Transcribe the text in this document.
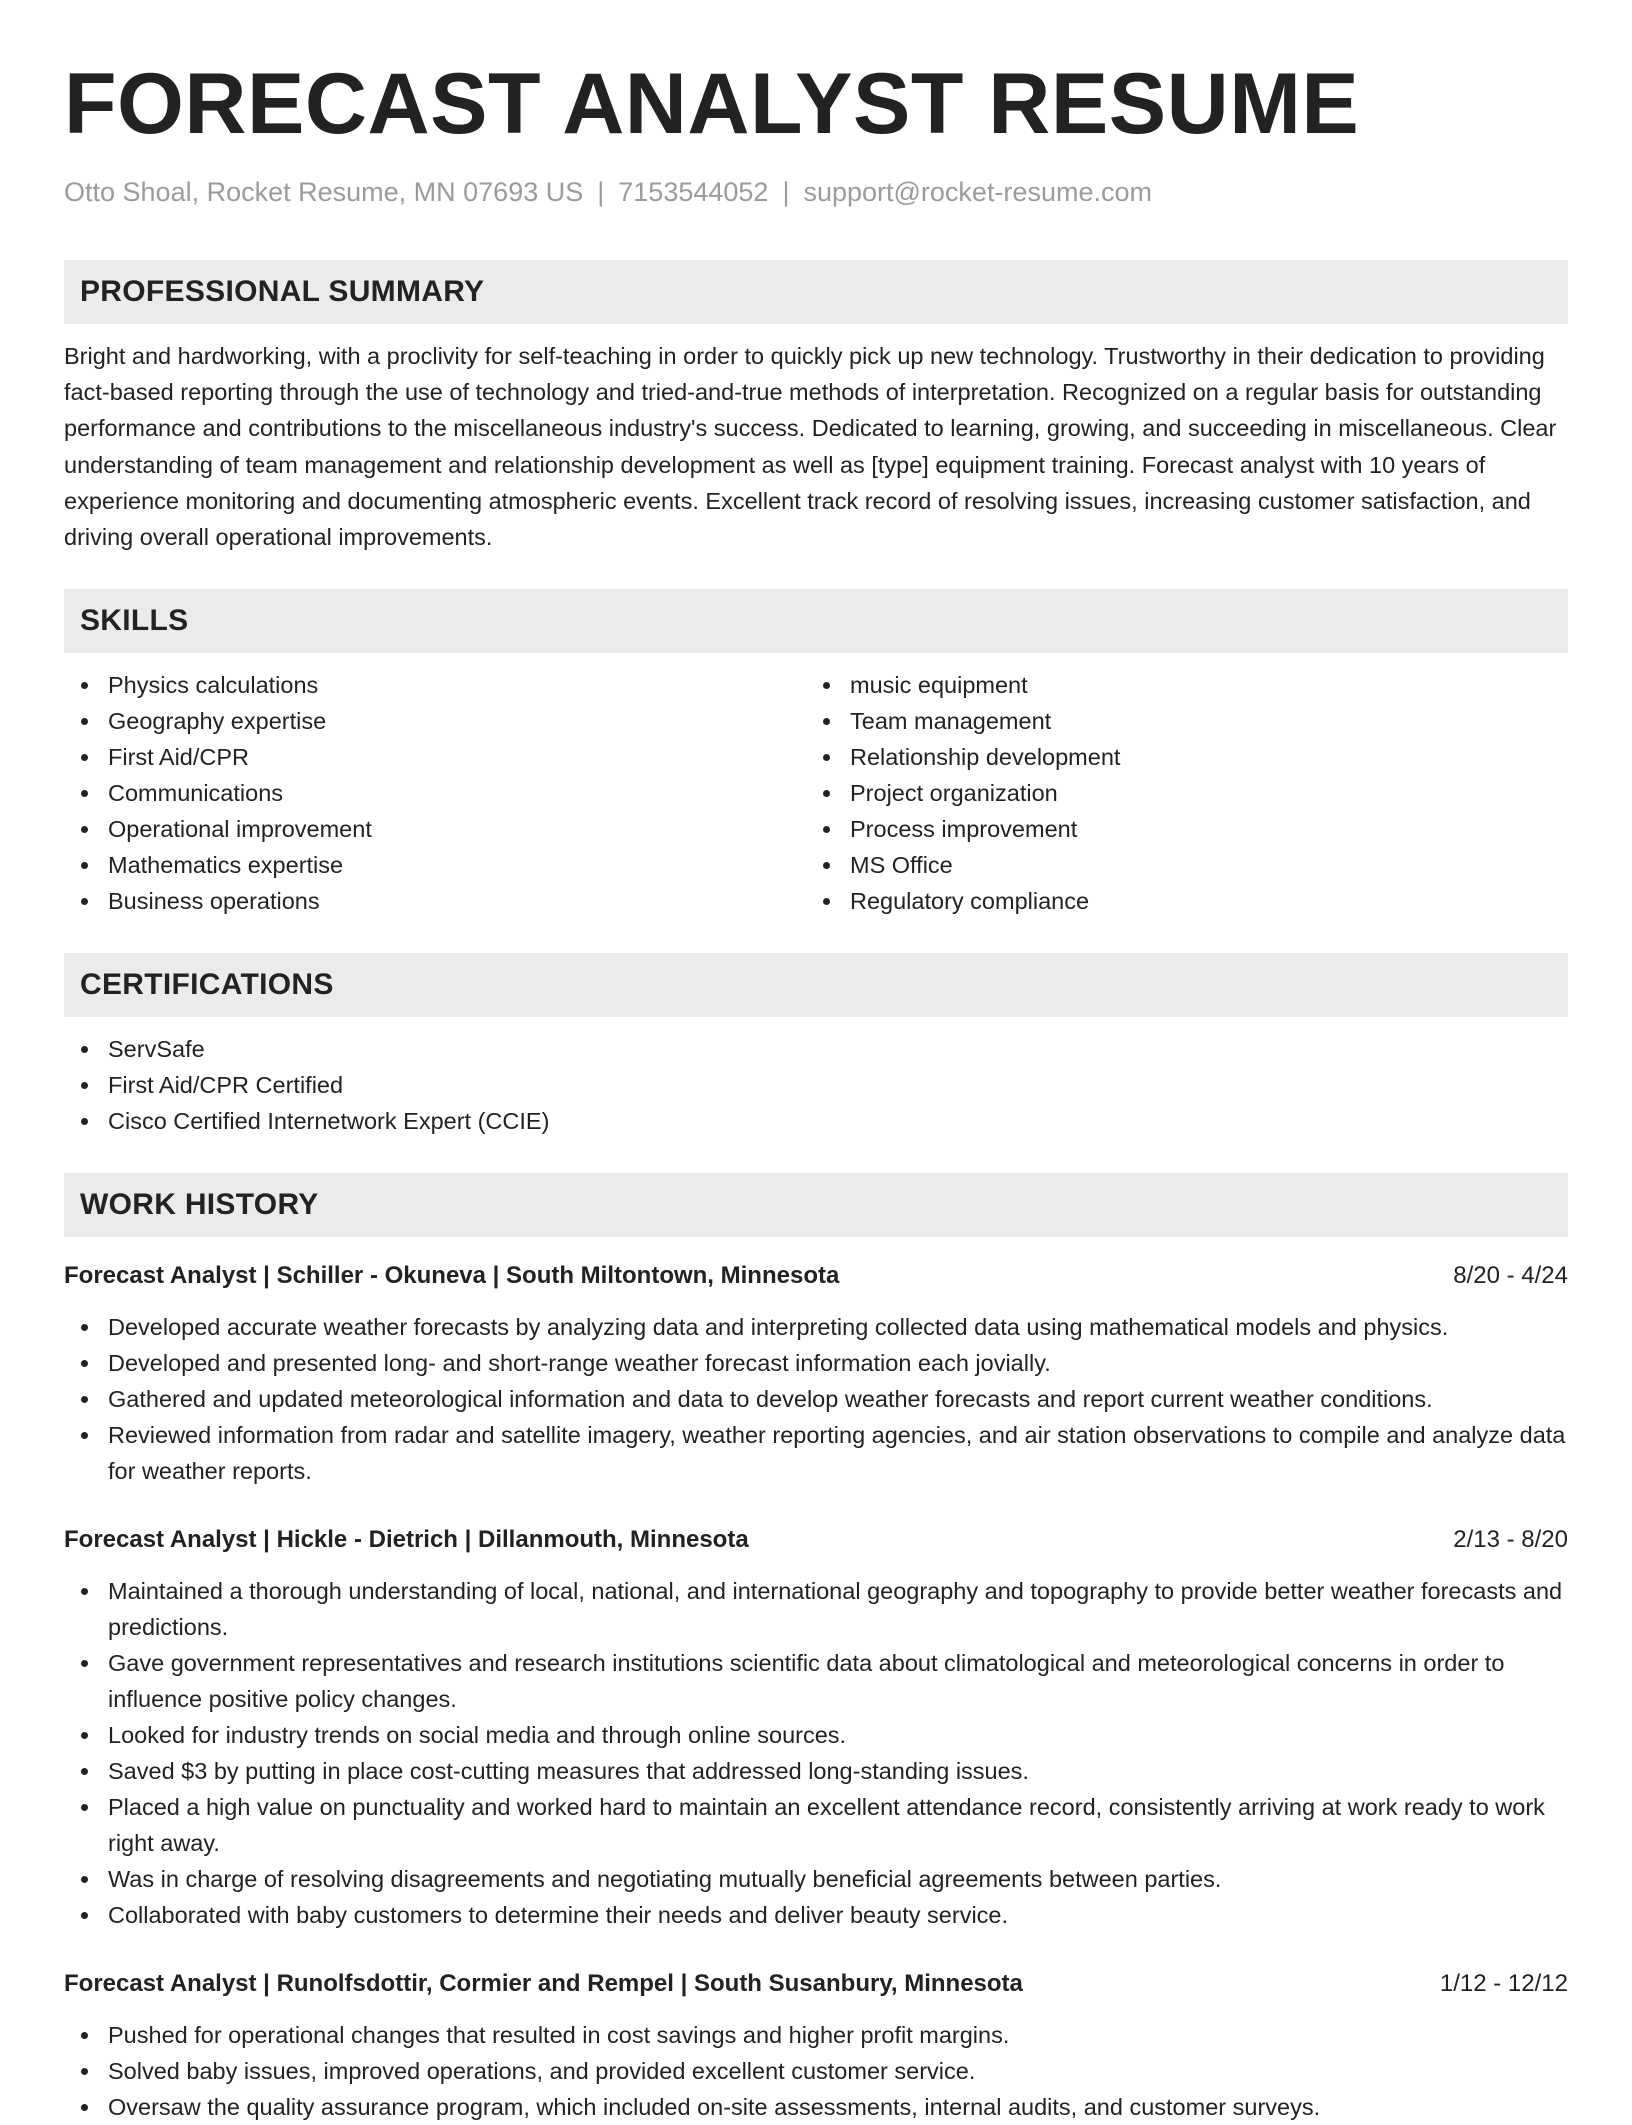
FORECAST ANALYST RESUME
Otto Shoal, Rocket Resume, MN 07693 US | 7153544052 | support@rocket-resume.com
PROFESSIONAL SUMMARY

Bright and hardworking, with a proclivity for self-teaching in order to quickly pick up new technology. Trustworthy in their dedication to providing fact-based reporting through the use of technology and tried-and-true methods of interpretation. Recognized on a regular basis for outstanding performance and contributions to the miscellaneous industry's success. Dedicated to learning, growing, and succeeding in miscellaneous. Clear understanding of team management and relationship development as well as [type] equipment training. Forecast analyst with 10 years of experience monitoring and documenting atmospheric events. Excellent track record of resolving issues, increasing customer satisfaction, and driving overall operational improvements.

SKILLS
Physics calculations
Geography expertise
First Aid/CPR
Communications
Operational improvement
Mathematics expertise
Business operations
music equipment
Team management
Relationship development
Project organization
Process improvement
MS Office
Regulatory compliance
CERTIFICATIONS
ServSafe
First Aid/CPR Certified
Cisco Certified Internetwork Expert (CCIE)
WORK HISTORY
Forecast Analyst | Schiller - Okuneva | South Miltontown, Minnesota	8/20 - 4/24
Developed accurate weather forecasts by analyzing data and interpreting collected data using mathematical models and physics.
Developed and presented long- and short-range weather forecast information each jovially.
Gathered and updated meteorological information and data to develop weather forecasts and report current weather conditions.
Reviewed information from radar and satellite imagery, weather reporting agencies, and air station observations to compile and analyze data for weather reports.
Forecast Analyst | Hickle - Dietrich | Dillanmouth, Minnesota	2/13 - 8/20
Maintained a thorough understanding of local, national, and international geography and topography to provide better weather forecasts and predictions.
Gave government representatives and research institutions scientific data about climatological and meteorological concerns in order to influence positive policy changes.
Looked for industry trends on social media and through online sources.
Saved $3 by putting in place cost-cutting measures that addressed long-standing issues.
Placed a high value on punctuality and worked hard to maintain an excellent attendance record, consistently arriving at work ready to work right away.
Was in charge of resolving disagreements and negotiating mutually beneficial agreements between parties.
Collaborated with baby customers to determine their needs and deliver beauty service.
Forecast Analyst | Runolfsdottir, Cormier and Rempel | South Susanbury, Minnesota	1/12 - 12/12
Pushed for operational changes that resulted in cost savings and higher profit margins.
Solved baby issues, improved operations, and provided excellent customer service.
Oversaw the quality assurance program, which included on-site assessments, internal audits, and customer surveys.
